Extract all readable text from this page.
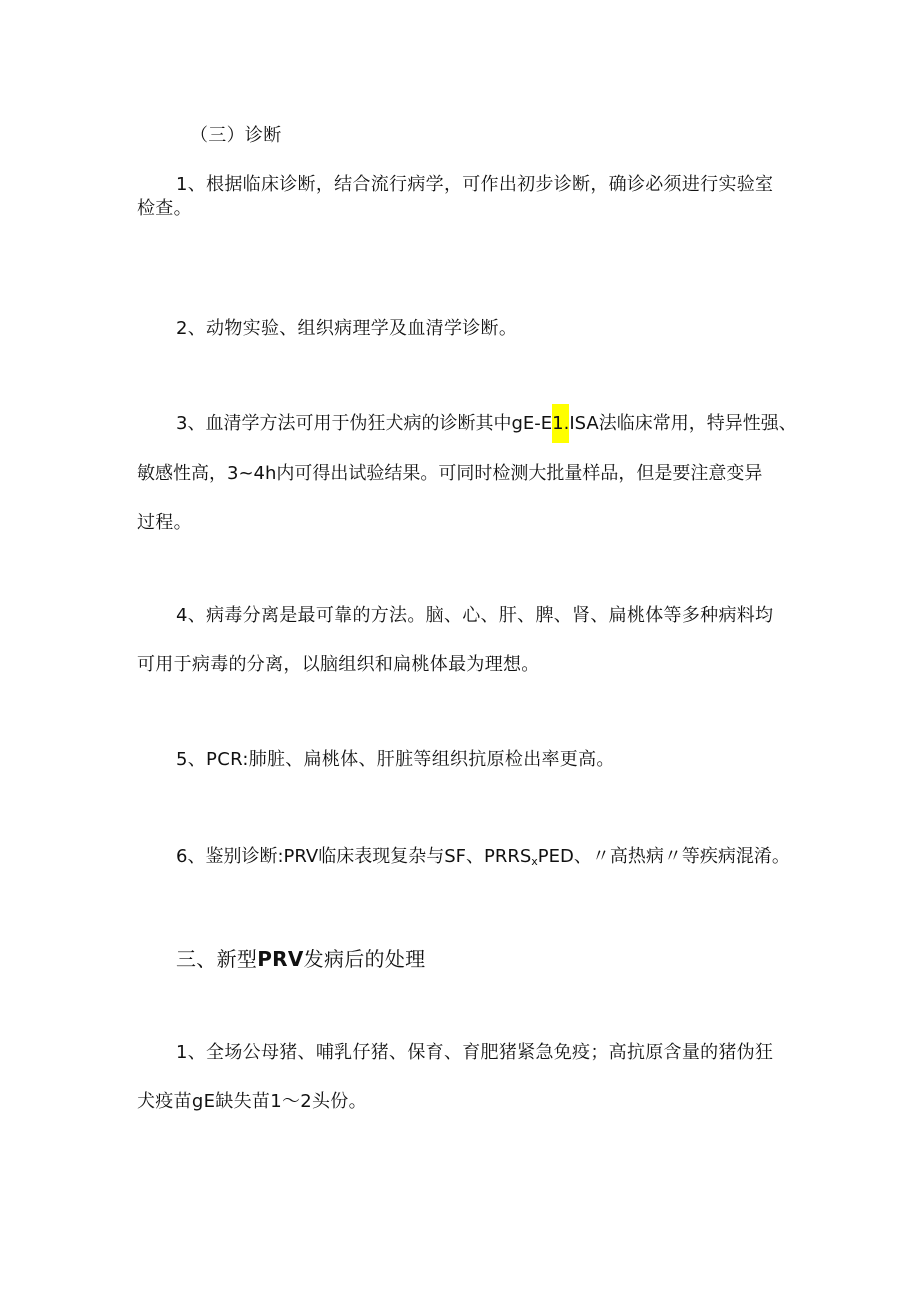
（三）诊断
1、根据临床诊断，结合流行病学，可作出初步诊断，确诊必须进行实验室
检查。
2、动物实验、组织病理学及血清学诊断。
3、血清学方法可用于伪狂犬病的诊断其中gE-E1.ISA法临床常用，特异性强、
敏感性高，3~4h内可得出试验结果。可同时检测大批量样品，但是要注意变异
过程。
4、病毒分离是最可靠的方法。脑、心、肝、脾、肾、扁桃体等多种病料均
可用于病毒的分离，以脑组织和扁桃体最为理想。
5、PCR:肺脏、扁桃体、肝脏等组织抗原检出率更高。
6、鉴别诊断:PRV临床表现复杂与SF、$PRRS_xPED$、〃高热病〃等疾病混淆。
三、新型PRV发病后的处理
1、全场公母猪、哺乳仔猪、保育、育肥猪紧急免疫；高抗原含量的猪伪狂
犬疫苗gE缺失苗1～2头份。
